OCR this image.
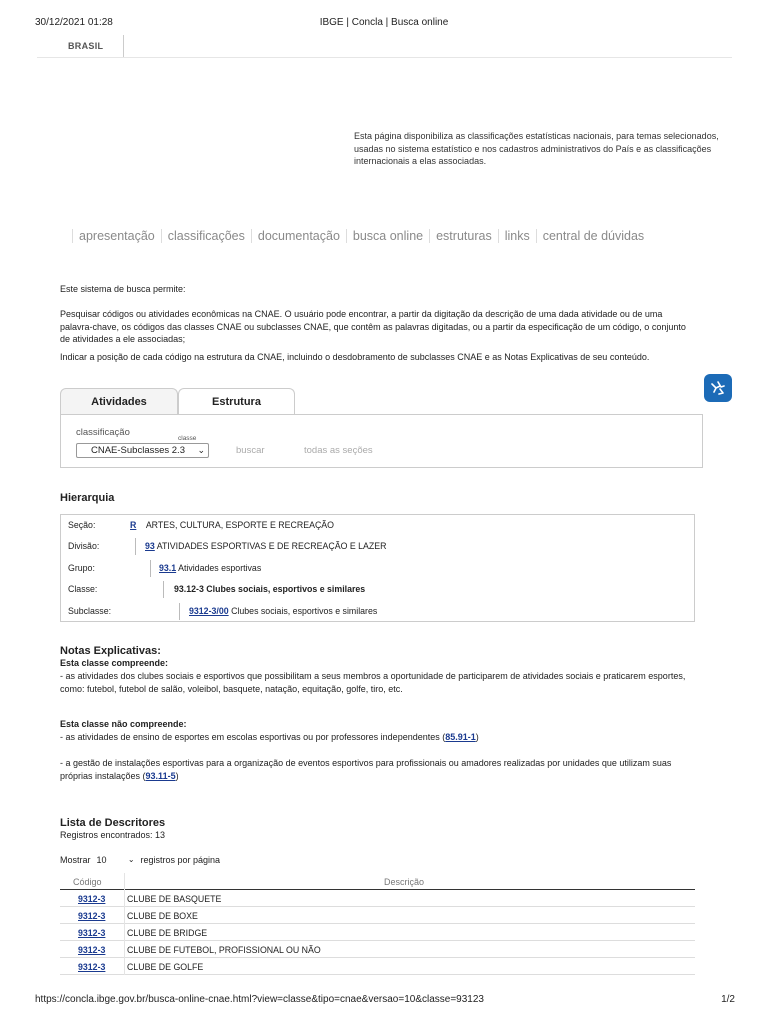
30/12/2021 01:28	IBGE | Concla | Busca online
BRASIL
Esta página disponibiliza as classificações estatísticas nacionais, para temas selecionados, usadas no sistema estatístico e nos cadastros administrativos do País e as classificações internacionais a elas associadas.
apresentação	classificações	documentação	busca online	estruturas	links	central de dúvidas
Este sistema de busca permite:
Pesquisar códigos ou atividades econômicas na CNAE. O usuário pode encontrar, a partir da digitação da descrição de uma dada atividade ou de uma palavra-chave, os códigos das classes CNAE ou subclasses CNAE, que contêm as palavras digitadas, ou a partir da especificação de um código, o conjunto de atividades a ele associadas;
Indicar a posição de cada código na estrutura da CNAE, incluindo o desdobramento de subclasses CNAE e as Notas Explicativas de seu conteúdo.
Atividades	Estrutura
classificação
classe
CNAE-Subclasses 2.3 ⌄	buscar	todas as seções
Hierarquia
Seção:	R ARTES, CULTURA, ESPORTE E RECREAÇÃO
Divisão:	93 ATIVIDADES ESPORTIVAS E DE RECREAÇÃO E LAZER
Grupo:	93.1 Atividades esportivas
Classe:	93.12-3 Clubes sociais, esportivos e similares
Subclasse:	9312-3/00 Clubes sociais, esportivos e similares
Notas Explicativas:
Esta classe compreende:
- as atividades dos clubes sociais e esportivos que possibilitam a seus membros a oportunidade de participarem de atividades sociais e praticarem esportes, como: futebol, futebol de salão, voleibol, basquete, natação, equitação, golfe, tiro, etc.
Esta classe não compreende:
- as atividades de ensino de esportes em escolas esportivas ou por professores independentes (85.91-1)
- a gestão de instalações esportivas para a organização de eventos esportivos para profissionais ou amadores realizadas por unidades que utilizam suas próprias instalações (93.11-5)
Lista de Descritores
Registros encontrados: 13
Mostrar 10	⌄ registros por página
Código	Descrição
9312-3 CLUBE DE BASQUETE
9312-3 CLUBE DE BOXE
9312-3 CLUBE DE BRIDGE
9312-3 CLUBE DE FUTEBOL, PROFISSIONAL OU NÃO
9312-3 CLUBE DE GOLFE
https://concla.ibge.gov.br/busca-online-cnae.html?view=classe&tipo=cnae&versao=10&classe=93123	1/2
